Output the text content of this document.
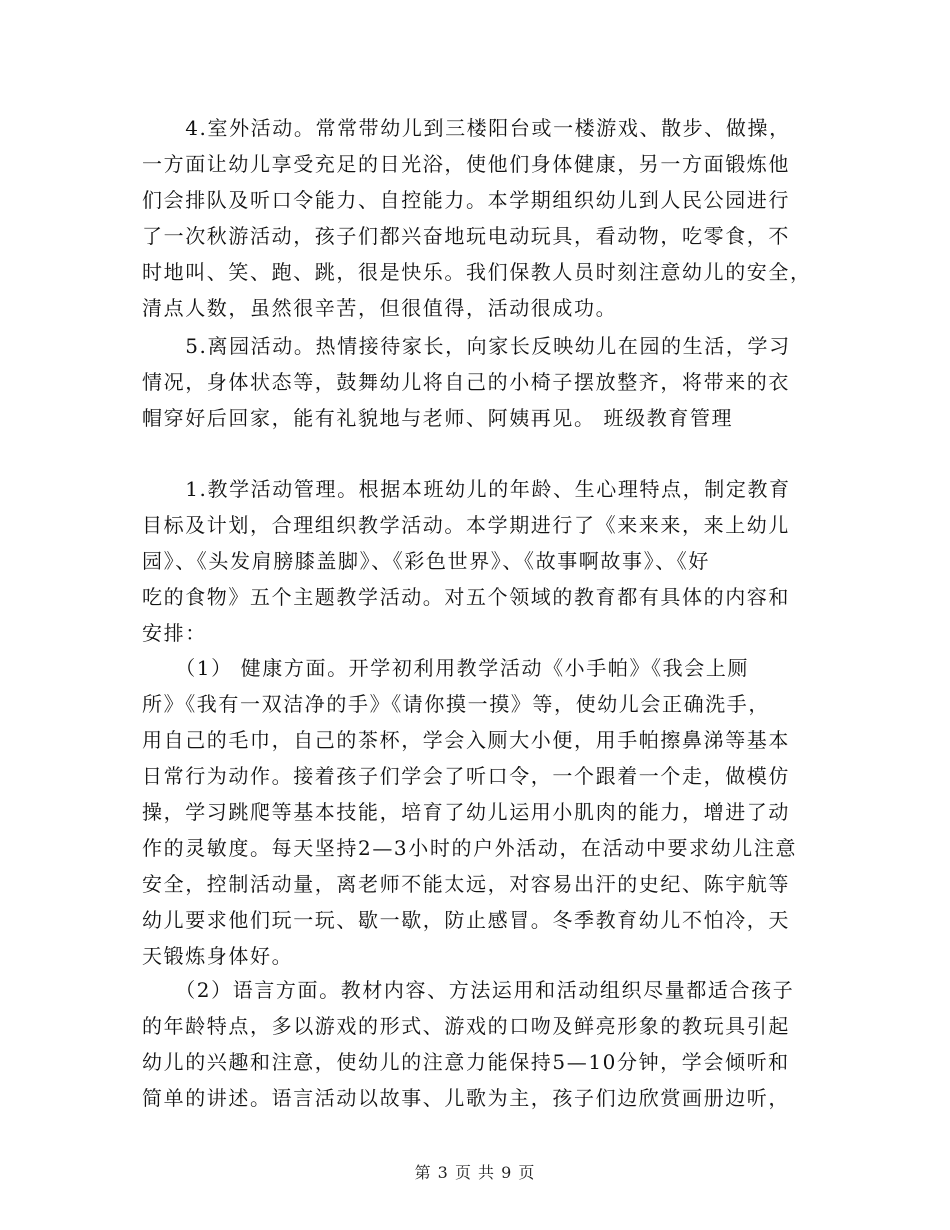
　　4.室外活动。常常带幼儿到三楼阳台或一楼游戏、散步、做操，
一方面让幼儿享受充足的日光浴，使他们身体健康，另一方面锻炼他
们会排队及听口令能力、自控能力。本学期组织幼儿到人民公园进行
了一次秋游活动，孩子们都兴奋地玩电动玩具，看动物，吃零食，不
时地叫、笑、跑、跳，很是快乐。我们保教人员时刻注意幼儿的安全，
清点人数，虽然很辛苦，但很值得，活动很成功。

　　5.离园活动。热情接待家长，向家长反映幼儿在园的生活，学习
情况，身体状态等，鼓舞幼儿将自己的小椅子摆放整齐，将带来的衣
帽穿好后回家，能有礼貌地与老师、阿姨再见。 班级教育管理

　　1.教学活动管理。根据本班幼儿的年龄、生心理特点，制定教育
目标及计划，合理组织教学活动。本学期进行了《来来来，来上幼儿
园》、《头发肩膀膝盖脚》、《彩色世界》、《故事啊故事》、《好
吃的食物》五个主题教学活动。对五个领域的教育都有具体的内容和
安排：

　　（1） 健康方面。开学初利用教学活动《小手帕》《我会上厕
所》《我有一双洁净的手》《请你摸一摸》等，使幼儿会正确洗手，
用自己的毛巾，自己的茶杯，学会入厕大小便，用手帕擦鼻涕等基本
日常行为动作。接着孩子们学会了听口令，一个跟着一个走，做模仿
操，学习跳爬等基本技能，培育了幼儿运用小肌肉的能力，增进了动
作的灵敏度。每天坚持2—3小时的户外活动，在活动中要求幼儿注意
安全，控制活动量，离老师不能太远，对容易出汗的史纪、陈宇航等
幼儿要求他们玩一玩、歇一歇，防止感冒。冬季教育幼儿不怕冷，天
天锻炼身体好。

　　（2）语言方面。教材内容、方法运用和活动组织尽量都适合孩子
的年龄特点，多以游戏的形式、游戏的口吻及鲜亮形象的教玩具引起
幼儿的兴趣和注意，使幼儿的注意力能保持5—10分钟，学会倾听和
简单的讲述。语言活动以故事、儿歌为主，孩子们边欣赏画册边听，

第 3 页 共 9 页
